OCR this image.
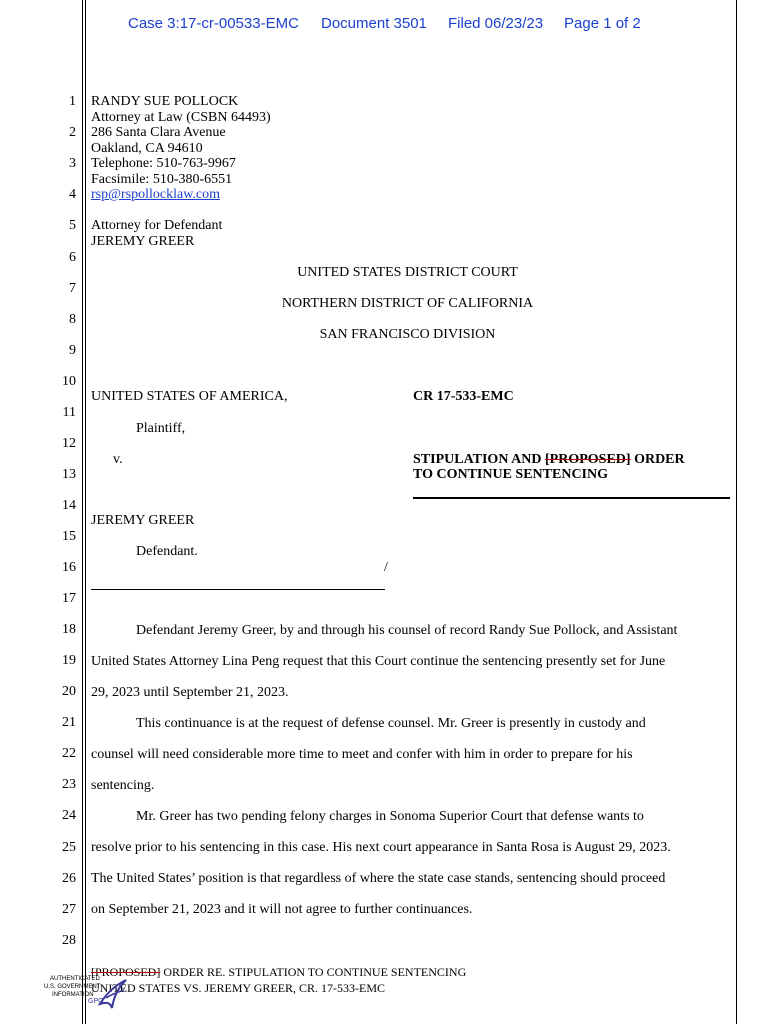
Case 3:17-cr-00533-EMC Document 3501 Filed 06/23/23 Page 1 of 2
1
2
3
4
5
6
7
8
9
10
11
12
13
14
15
16
17
18
19
20
21
22
23
24
25
26
27
28
RANDY SUE POLLOCK
Attorney at Law (CSBN 64493)
286 Santa Clara Avenue
Oakland, CA 94610
Telephone: 510-763-9967
Facsimile: 510-380-6551
rsp@rspollocklaw.com
Attorney for Defendant
JEREMY GREER
UNITED STATES DISTRICT COURT
NORTHERN DISTRICT OF CALIFORNIA
SAN FRANCISCO DIVISION
UNITED STATES OF AMERICA,
Plaintiff,
v.
JEREMY GREER
Defendant.
/
CR 17-533-EMC
STIPULATION AND [PROPOSED] ORDER
TO CONTINUE SENTENCING
Defendant Jeremy Greer, by and through his counsel of record Randy Sue Pollock, and Assistant
United States Attorney Lina Peng request that this Court continue the sentencing presently set for June
29, 2023 until September 21, 2023.
This continuance is at the request of defense counsel. Mr. Greer is presently in custody and
counsel will need considerable more time to meet and confer with him in order to prepare for his
sentencing.
Mr. Greer has two pending felony charges in Sonoma Superior Court that defense wants to
resolve prior to his sentencing in this case. His next court appearance in Santa Rosa is August 29, 2023.
The United States’ position is that regardless of where the state case stands, sentencing should proceed
on September 21, 2023 and it will not agree to further continuances.
[PROPOSED] ORDER RE. STIPULATION TO CONTINUE SENTENCING
UNITED STATES VS. JEREMY GREER, CR. 17-533-EMC
AUTHENTICATED
U.S. GOVERNMENT
INFORMATION
GPO
